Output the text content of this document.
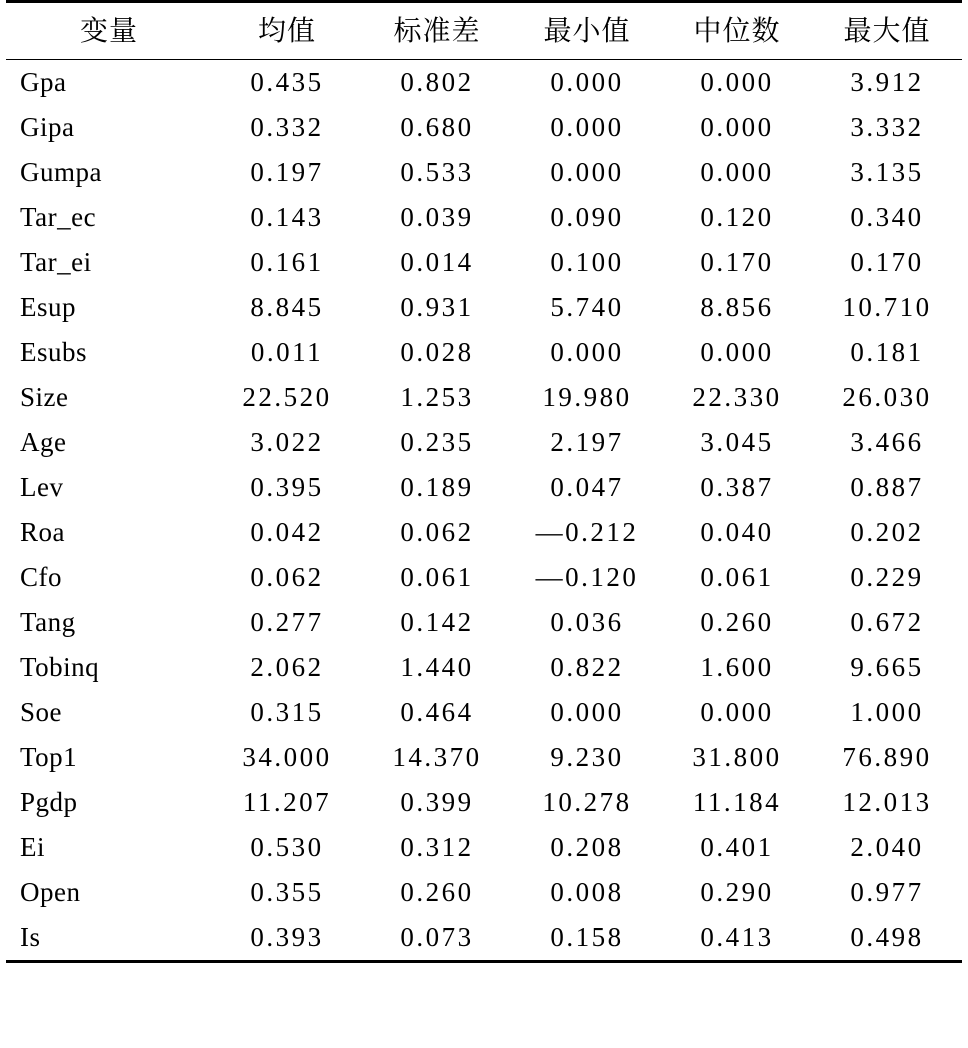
变量	均值	标准差	最小值	中位数	最大值
Gpa	0.435	0.802	0.000	0.000	3.912
Gipa	0.332	0.680	0.000	0.000	3.332
Gumpa	0.197	0.533	0.000	0.000	3.135
Tar_ec	0.143	0.039	0.090	0.120	0.340
Tar_ei	0.161	0.014	0.100	0.170	0.170
Esup	8.845	0.931	5.740	8.856	10.710
Esubs	0.011	0.028	0.000	0.000	0.181
Size	22.520	1.253	19.980	22.330	26.030
Age	3.022	0.235	2.197	3.045	3.466
Lev	0.395	0.189	0.047	0.387	0.887
Roa	0.042	0.062	—0.212	0.040	0.202
Cfo	0.062	0.061	—0.120	0.061	0.229
Tang	0.277	0.142	0.036	0.260	0.672
Tobinq	2.062	1.440	0.822	1.600	9.665
Soe	0.315	0.464	0.000	0.000	1.000
Top1	34.000	14.370	9.230	31.800	76.890
Pgdp	11.207	0.399	10.278	11.184	12.013
Ei	0.530	0.312	0.208	0.401	2.040
Open	0.355	0.260	0.008	0.290	0.977
Is	0.393	0.073	0.158	0.413	0.498
